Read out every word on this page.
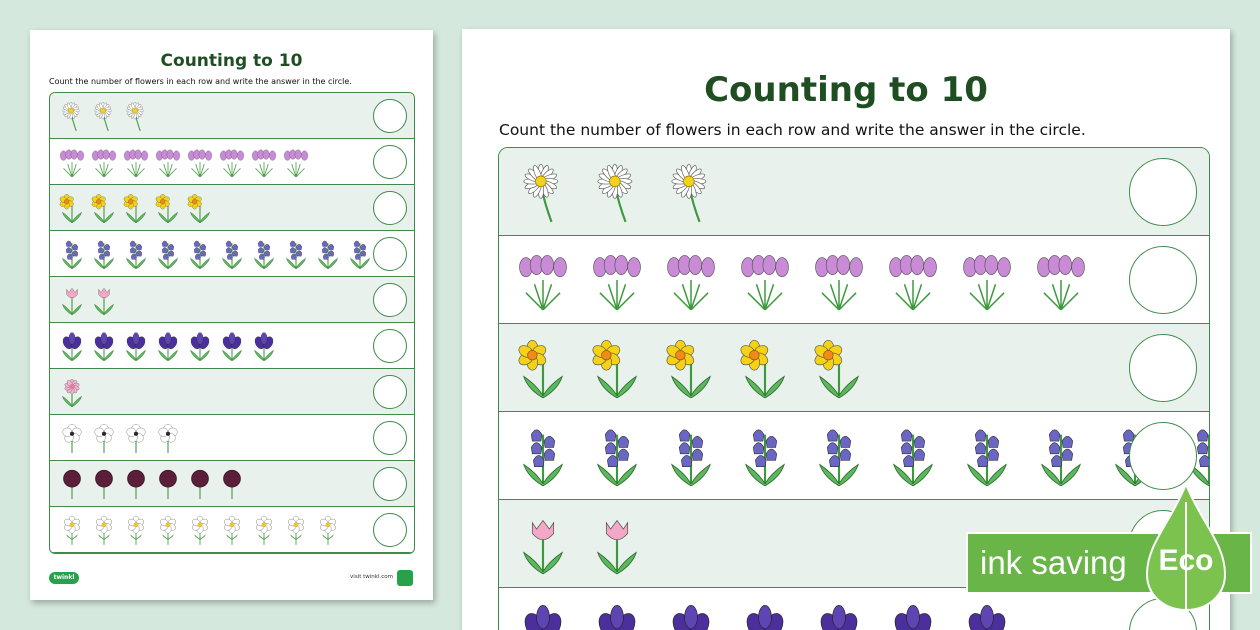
Counting to 10
Count the number of flowers in each row and write the answer in the circle.
twinkl	visit twinkl.com
Counting to 10
Count the number of flowers in each row and write the answer in the circle.
ink saving Eco
